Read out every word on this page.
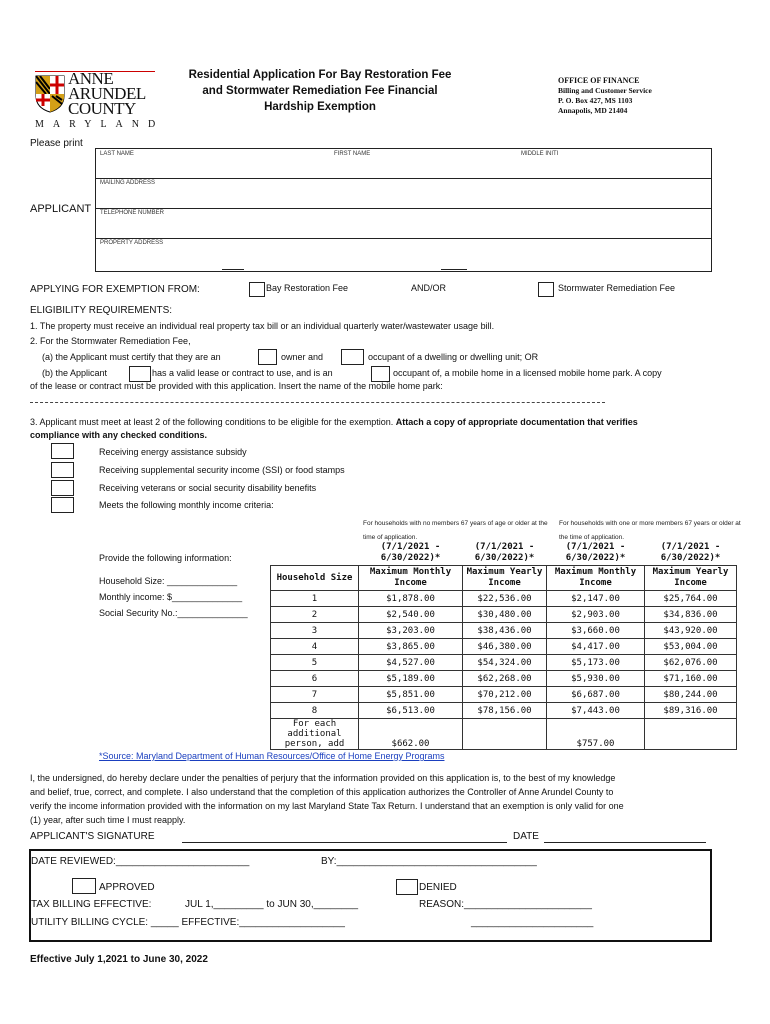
ANNE
ARUNDEL
COUNTY
MARYLAND
Residential Application For Bay Restoration Fee
and Stormwater Remediation Fee Financial
Hardship Exemption
OFFICE OF FINANCE
Billing and Customer Service
P. O. Box 427, MS 1103
Annapolis, MD 21404
Please print
APPLICANT
LAST NAME	FIRST NAME	MIDDLE INITI
MAILING ADDRESS
TELEPHONE NUMBER
PROPERTY ADDRESS
APPLYING FOR EXEMPTION FROM:	Bay Restoration Fee	AND/OR	Stormwater Remediation Fee
ELIGIBILITY REQUIREMENTS:
1. The property must receive an individual real property tax bill or an individual quarterly water/wastewater usage bill.
2. For the Stormwater Remediation Fee,
(a) the Applicant must certify that they are an	owner and	occupant of a dwelling or dwelling unit; OR
(b) the Applicant	has a valid lease or contract to use, and is an	occupant of, a mobile home in a licensed mobile home park. A copy
of the lease or contract must be provided with this application. Insert the name of the mobile home park:
3. Applicant must meet at least 2 of the following conditions to be eligible for the exemption. Attach a copy of appropriate documentation that verifies
compliance with any checked conditions.
Receiving energy assistance subsidy
Receiving supplemental security income (SSI) or food stamps
Receiving veterans or social security disability benefits
Meets the following monthly income criteria:
Provide the following information:
Household Size: ______________
Monthly income: $______________
Social Security No.:______________
For households with no members 67 years of age or older at the time of application.
For households with one or more members 67 years or older at the time of application.
	(7/1/2021 - 6/30/2022)*	(7/1/2021 - 6/30/2022)*	(7/1/2021 - 6/30/2022)*	(7/1/2021 - 6/30/2022)*
Household Size	Maximum Monthly Income	Maximum Yearly Income	Maximum Monthly Income	Maximum Yearly Income
1	$1,878.00	$22,536.00	$2,147.00	$25,764.00
2	$2,540.00	$30,480.00	$2,903.00	$34,836.00
3	$3,203.00	$38,436.00	$3,660.00	$43,920.00
4	$3,865.00	$46,380.00	$4,417.00	$53,004.00
5	$4,527.00	$54,324.00	$5,173.00	$62,076.00
6	$5,189.00	$62,268.00	$5,930.00	$71,160.00
7	$5,851.00	$70,212.00	$6,687.00	$80,244.00
8	$6,513.00	$78,156.00	$7,443.00	$89,316.00
For each additional person, add	$662.00		$757.00	
*Source: Maryland Department of Human Resources/Office of Home Energy Programs
I, the undersigned, do hereby declare under the penalties of perjury that the information provided on this application is, to the best of my knowledge
and belief, true, correct, and complete. I also understand that the completion of this application authorizes the Controller of Anne Arundel County to
verify the income information provided with the information on my last Maryland State Tax Return. I understand that an exemption is only valid for one
(1) year, after such time I must reapply.
APPLICANT'S SIGNATURE	DATE
DATE REVIEWED:________________________	BY:____________________________________
APPROVED	DENIED
TAX BILLING EFFECTIVE:	JUL 1,_________ to JUN 30,________	REASON:_______________________
UTILITY BILLING CYCLE: _____ EFFECTIVE:___________________	______________________
Effective July 1,2021 to June 30, 2022
